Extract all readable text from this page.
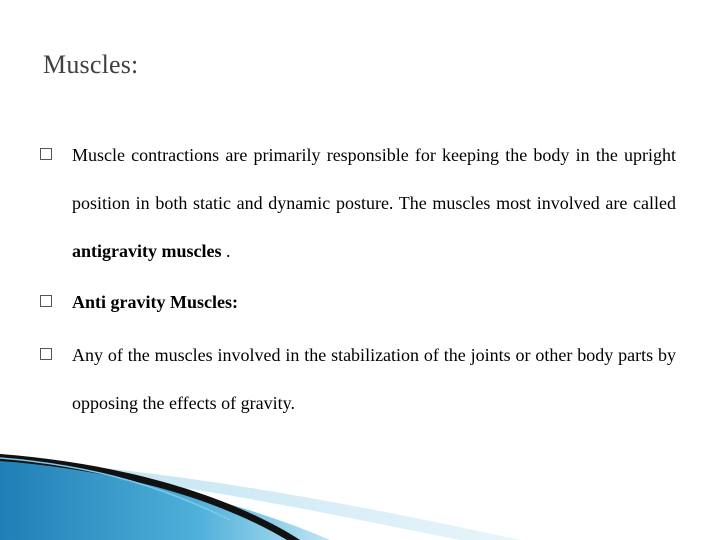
Muscles:
Muscle contractions are primarily responsible for keeping the body in the upright position in both static and dynamic posture. The muscles most involved are called antigravity muscles .
Anti gravity Muscles:
Any of the muscles involved in the stabilization of the joints or other body parts by opposing the effects of gravity.
